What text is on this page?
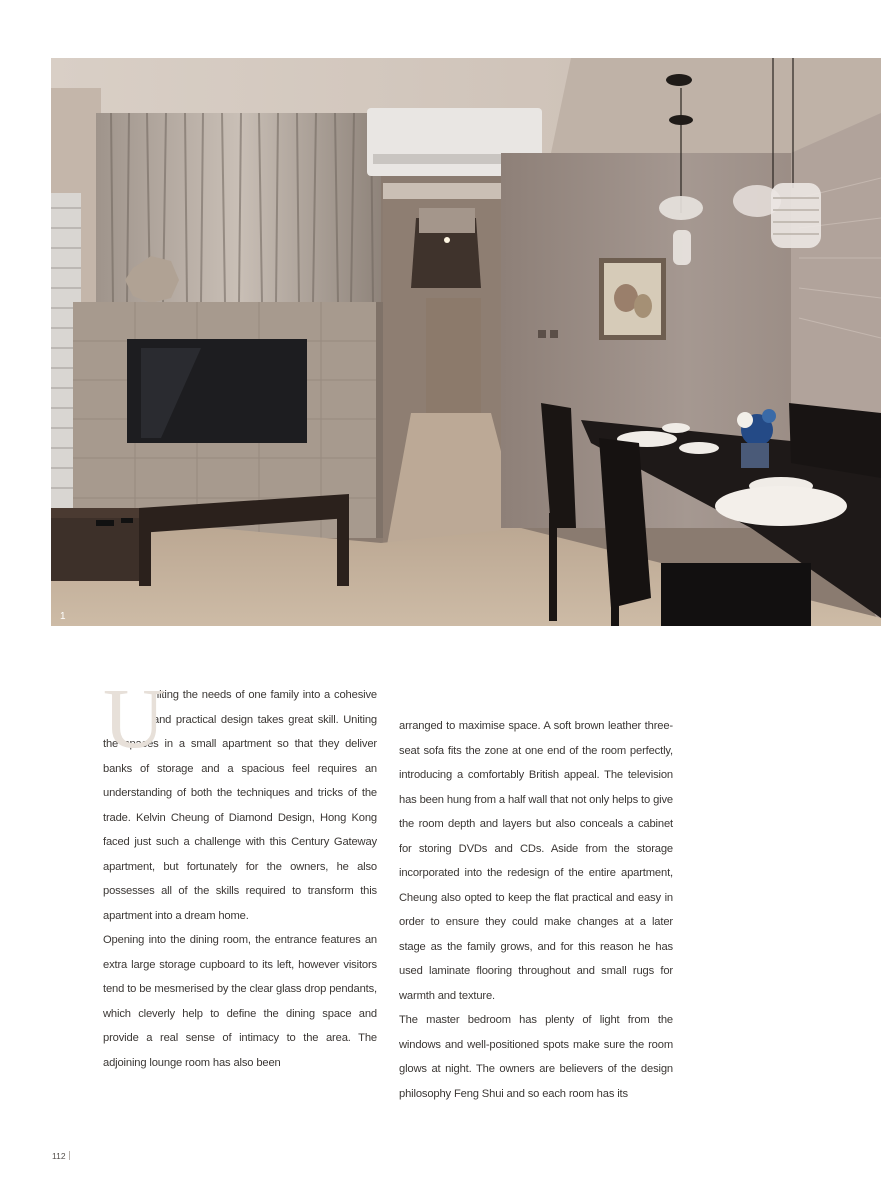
1
U

niting the needs of one family into a cohesive

and practical design takes great skill. Uniting

the spaces in a small apartment so that they deliver banks of storage and a spacious feel requires an understanding of both the techniques and tricks of the trade. Kelvin Cheung of Diamond Design, Hong Kong faced just such a challenge with this Century Gateway apartment, but fortunately for the owners, he also possesses all of the skills required to transform this apartment into a dream home.

Opening into the dining room, the entrance features an extra large storage cupboard to its left, however visitors tend to be mesmerised by the clear glass drop pendants, which cleverly help to define the dining space and provide a real sense of intimacy to the area. The adjoining lounge room has also been

arranged to maximise space. A soft brown leather three-seat sofa fits the zone at one end of the room perfectly, introducing a comfortably British appeal. The television has been hung from a half wall that not only helps to give the room depth and layers but also conceals a cabinet for storing DVDs and CDs. Aside from the storage incorporated into the redesign of the entire apartment, Cheung also opted to keep the flat practical and easy in order to ensure they could make changes at a later stage as the family grows, and for this reason he has used laminate flooring throughout and small rugs for warmth and texture.

The master bedroom has plenty of light from the windows and well-positioned spots make sure the room glows at night. The owners are believers of the design philosophy Feng Shui and so each room has its

112
